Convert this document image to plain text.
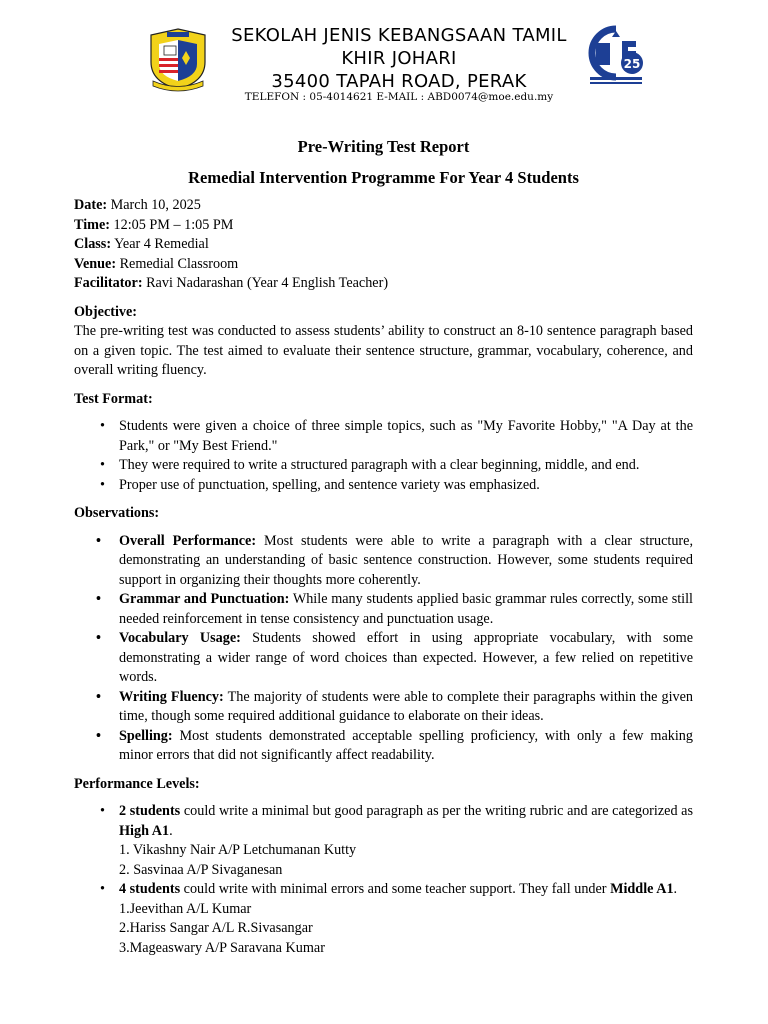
SEKOLAH JENIS KEBANGSAAN TAMIL
KHIR JOHARI
35400 TAPAH ROAD, PERAK
TELEFON : 05-4014621 E-MAIL : ABD0074@moe.edu.my
25
Pre-Writing Test Report
Remedial Intervention Programme For Year 4 Students
Date: March 10, 2025
Time: 12:05 PM – 1:05 PM
Class: Year 4 Remedial
Venue: Remedial Classroom
Facilitator: Ravi Nadarashan (Year 4 English Teacher)
Objective:
The pre-writing test was conducted to assess students’ ability to construct an 8-10 sentence paragraph based on a given topic. The test aimed to evaluate their sentence structure, grammar, vocabulary, coherence, and overall writing fluency.
Test Format:
• Students were given a choice of three simple topics, such as "My Favorite Hobby," "A Day at the Park," or "My Best Friend."
• They were required to write a structured paragraph with a clear beginning, middle, and end.
• Proper use of punctuation, spelling, and sentence variety was emphasized.
Observations:
• Overall Performance: Most students were able to write a paragraph with a clear structure, demonstrating an understanding of basic sentence construction. However, some students required support in organizing their thoughts more coherently.
• Grammar and Punctuation: While many students applied basic grammar rules correctly, some still needed reinforcement in tense consistency and punctuation usage.
• Vocabulary Usage: Students showed effort in using appropriate vocabulary, with some demonstrating a wider range of word choices than expected. However, a few relied on repetitive words.
• Writing Fluency: The majority of students were able to complete their paragraphs within the given time, though some required additional guidance to elaborate on their ideas.
• Spelling: Most students demonstrated acceptable spelling proficiency, with only a few making minor errors that did not significantly affect readability.
Performance Levels:
• 2 students could write a minimal but good paragraph as per the writing rubric and are categorized as High A1.
1. Vikashny Nair A/P Letchumanan Kutty
2. Sasvinaa A/P Sivaganesan
• 4 students could write with minimal errors and some teacher support. They fall under Middle A1.
1.Jeevithan A/L Kumar
2.Hariss Sangar A/L R.Sivasangar
3.Mageaswary A/P Saravana Kumar
